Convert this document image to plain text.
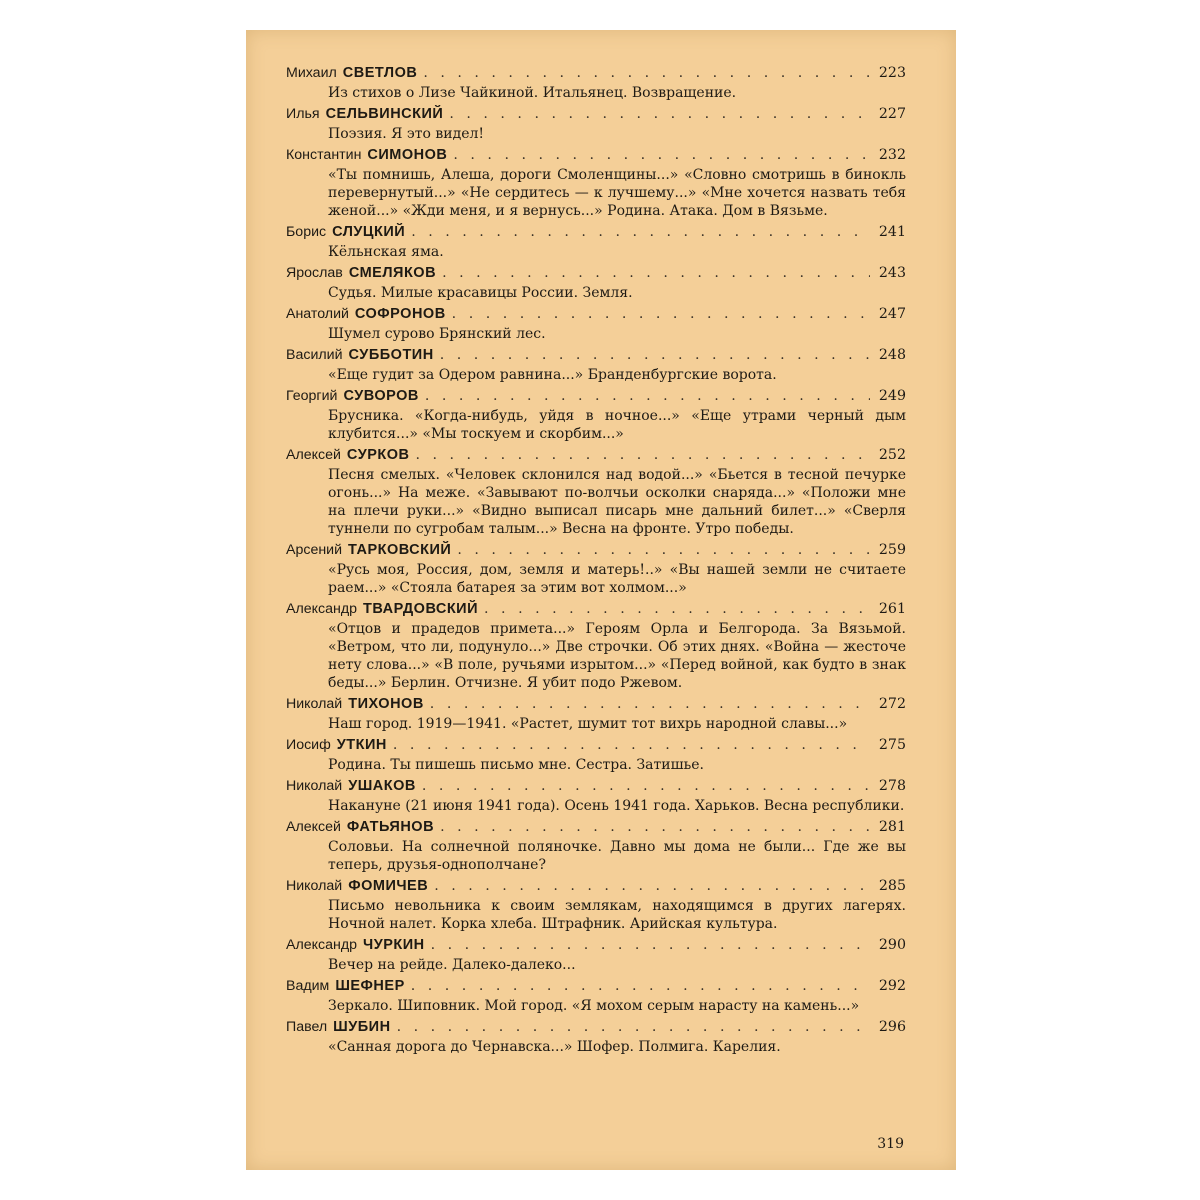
Михаил СВЕТЛОВ . . .	223
Из стихов о Лизе Чайкиной. Итальянец. Возвращение.
Илья СЕЛЬВИНСКИЙ . . .	227
Поэзия. Я это видел!
Константин СИМОНОВ . . .	232
«Ты помнишь, Алеша, дороги Смоленщины...» «Словно смотришь в бинокль перевернутый...» «Не сердитесь — к лучшему...» «Мне хочется назвать тебя женой...» «Жди меня, и я вернусь...» Родина. Атака. Дом в Вязьме.
Борис СЛУЦКИЙ . . .	241
Кёльнская яма.
Ярослав СМЕЛЯКОВ . . .	243
Судья. Милые красавицы России. Земля.
Анатолий СОФРОНОВ . . .	247
Шумел сурово Брянский лес.
Василий СУББОТИН . . .	248
«Еще гудит за Одером равнина...» Бранденбургские ворота.
Георгий СУВОРОВ . . .	249
Брусника. «Когда-нибудь, уйдя в ночное...» «Еще утрами черный дым клубится...» «Мы тоскуем и скорбим...»
Алексей СУРКОВ . . .	252
Песня смелых. «Человек склонился над водой...» «Бьется в тесной печурке огонь...» На меже. «Завывают по-волчьи осколки снаряда...» «Положи мне на плечи руки...» «Видно выписал писарь мне дальний билет...» «Сверля туннели по сугробам талым...» Весна на фронте. Утро победы.
Арсений ТАРКОВСКИЙ . . .	259
«Русь моя, Россия, дом, земля и матерь!..» «Вы нашей земли не считаете раем...» «Стояла батарея за этим вот холмом...»
Александр ТВАРДОВСКИЙ . . .	261
«Отцов и прадедов примета...» Героям Орла и Белгорода. За Вязьмой. «Ветром, что ли, подунуло...» Две строчки. Об этих днях. «Война — жесточе нету слова...» «В поле, ручьями изрытом...» «Перед войной, как будто в знак беды...» Берлин. Отчизне. Я убит подо Ржевом.
Николай ТИХОНОВ . . .	272
Наш город. 1919—1941. «Растет, шумит тот вихрь народной славы...»
Иосиф УТКИН . . .	275
Родина. Ты пишешь письмо мне. Сестра. Затишье.
Николай УШАКОВ . . .	278
Накануне (21 июня 1941 года). Осень 1941 года. Харьков. Весна республики.
Алексей ФАТЬЯНОВ . . .	281
Соловьи. На солнечной поляночке. Давно мы дома не были... Где же вы теперь, друзья-однополчане?
Николай ФОМИЧЕВ . . .	285
Письмо невольника к своим землякам, находящимся в других лагерях. Ночной налет. Корка хлеба. Штрафник. Арийская культура.
Александр ЧУРКИН . . .	290
Вечер на рейде. Далеко-далеко...
Вадим ШЕФНЕР . . .	292
Зеркало. Шиповник. Мой город. «Я мохом серым нарасту на камень...»
Павел ШУБИН . . .	296
«Санная дорога до Чернавска...» Шофер. Полмига. Карелия.
319
